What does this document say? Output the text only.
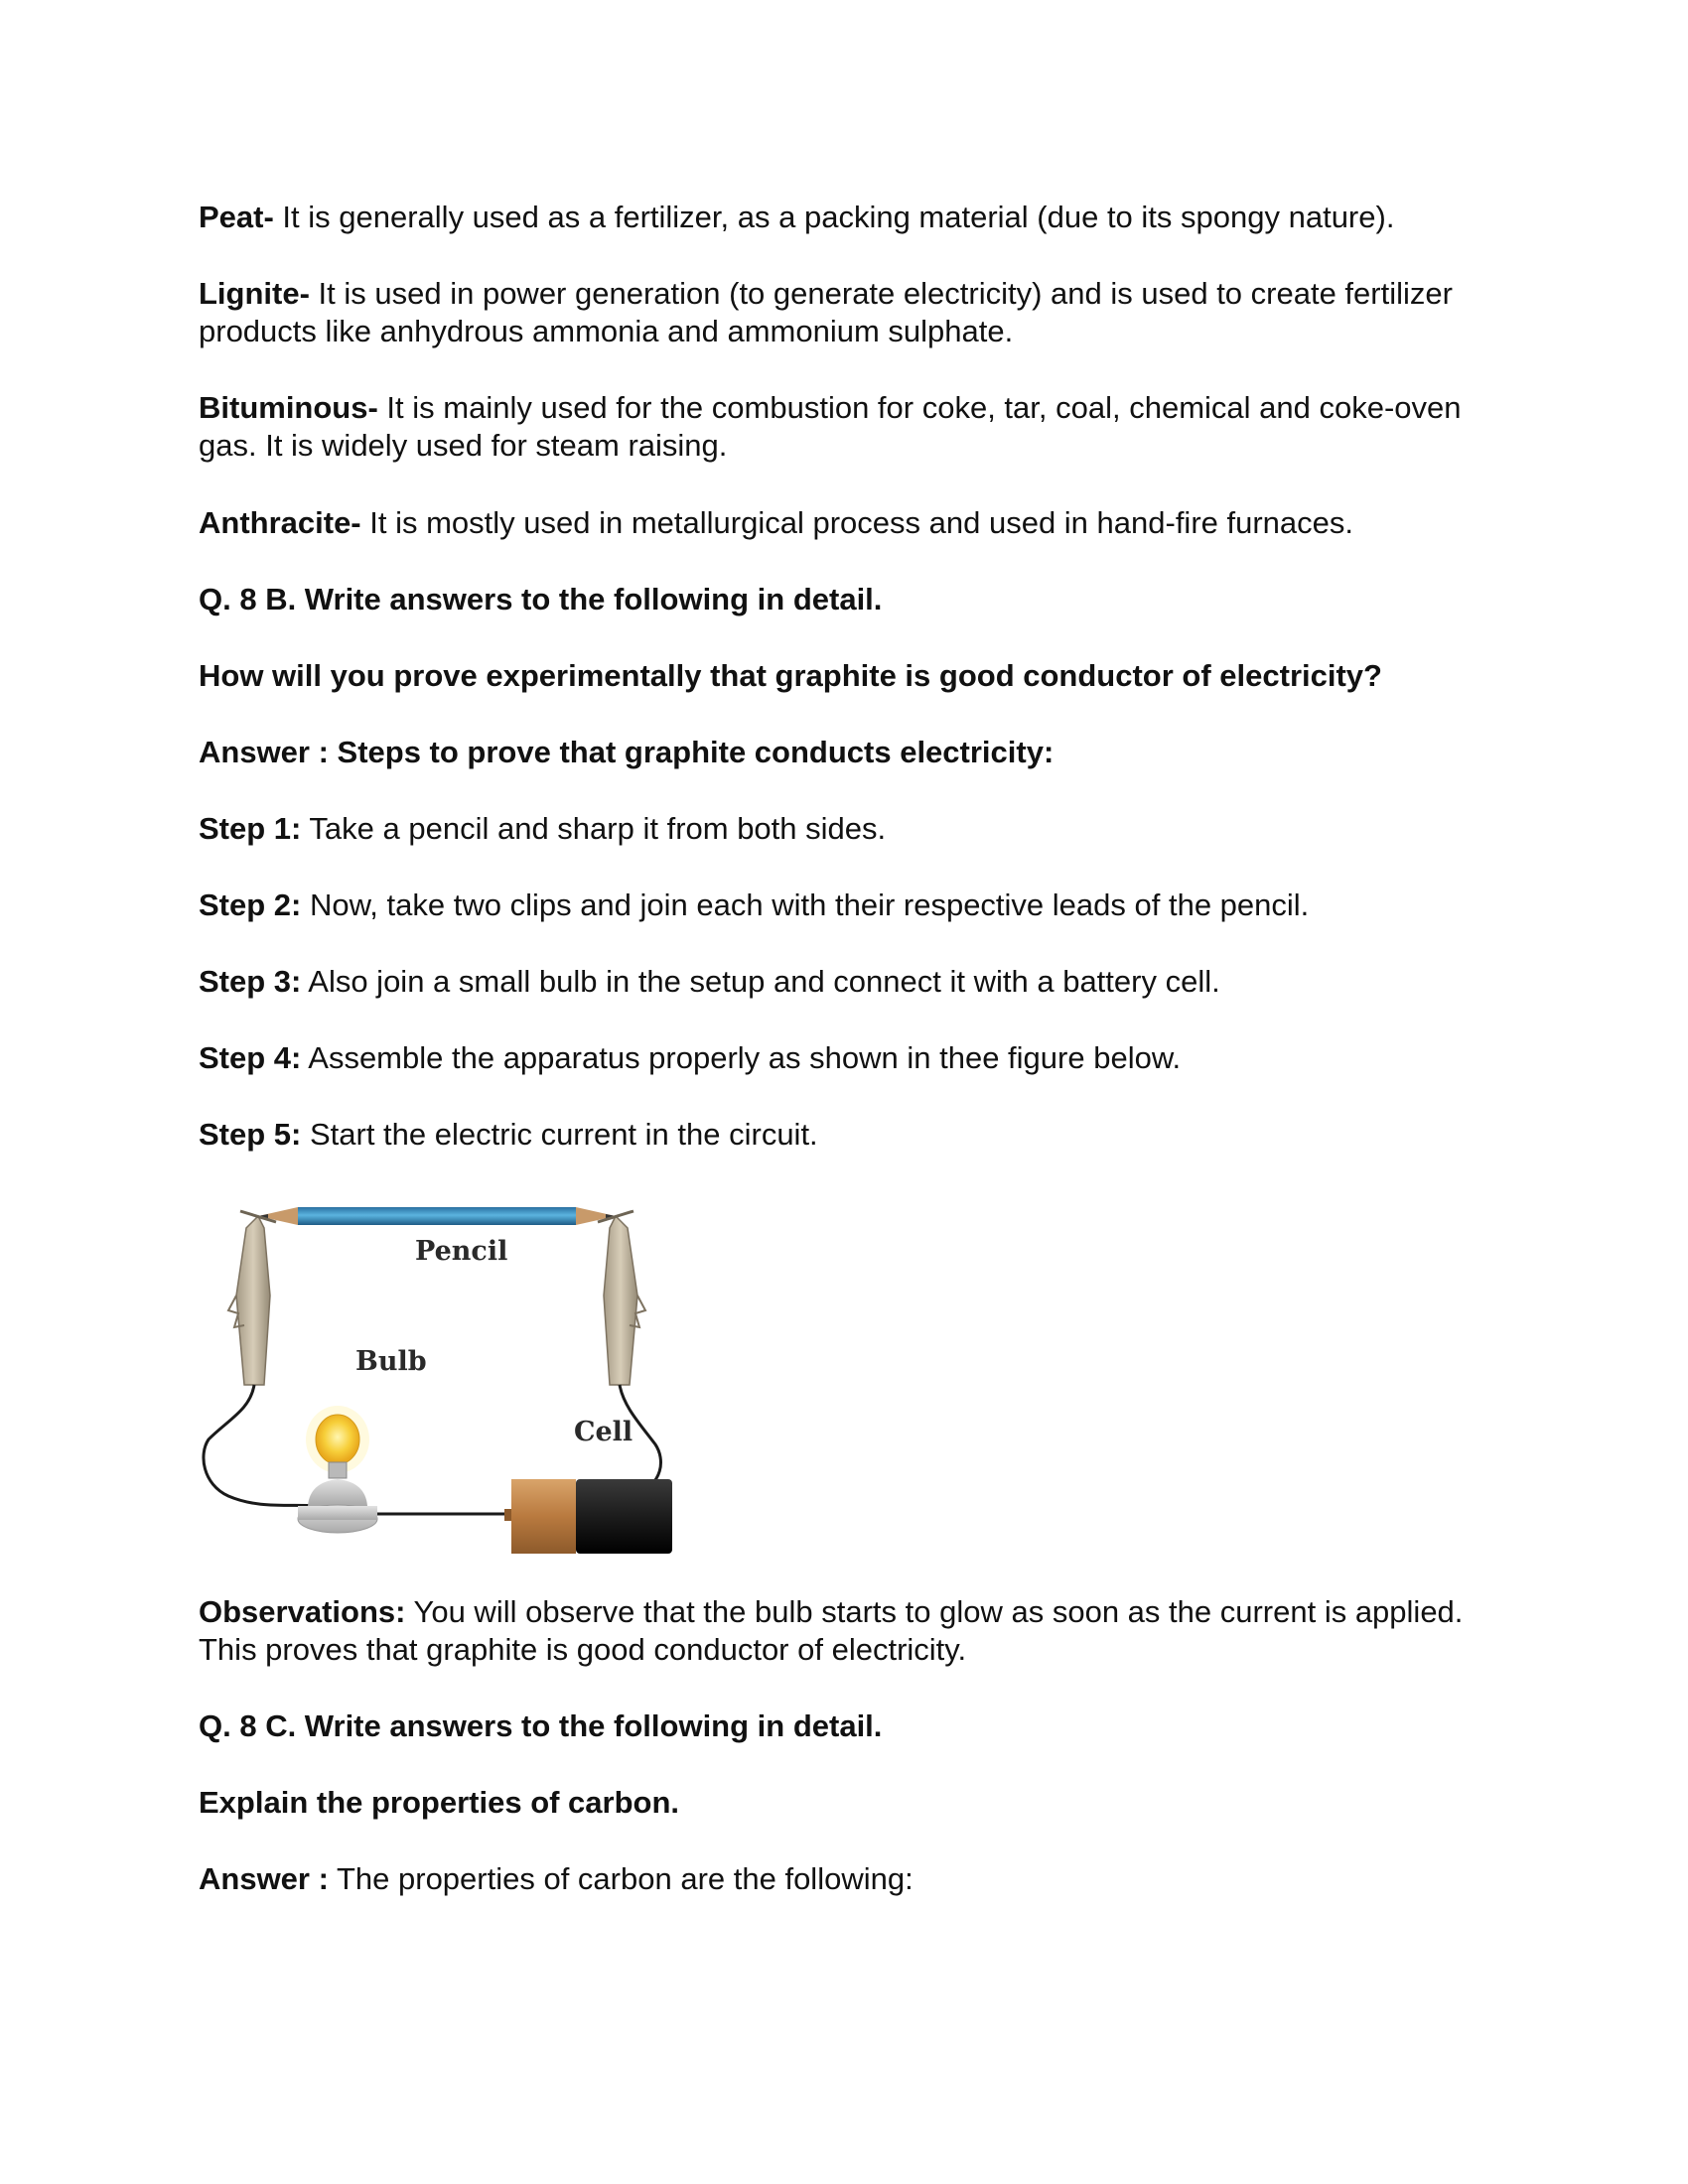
Peat- It is generally used as a fertilizer, as a packing material (due to its spongy nature).

Lignite- It is used in power generation (to generate electricity) and is used to create fertilizer products like anhydrous ammonia and ammonium sulphate.

Bituminous- It is mainly used for the combustion for coke, tar, coal, chemical and coke-oven gas. It is widely used for steam raising.

Anthracite- It is mostly used in metallurgical process and used in hand-fire furnaces.

Q. 8 B. Write answers to the following in detail.

How will you prove experimentally that graphite is good conductor of electricity?

Answer : Steps to prove that graphite conducts electricity:

Step 1: Take a pencil and sharp it from both sides.

Step 2: Now, take two clips and join each with their respective leads of the pencil.

Step 3: Also join a small bulb in the setup and connect it with a battery cell.

Step 4: Assemble the apparatus properly as shown in thee figure below.

Step 5: Start the electric current in the circuit.

Pencil
Bulb
Cell

Observations: You will observe that the bulb starts to glow as soon as the current is applied. This proves that graphite is good conductor of electricity.

Q. 8 C. Write answers to the following in detail.

Explain the properties of carbon.

Answer : The properties of carbon are the following:
